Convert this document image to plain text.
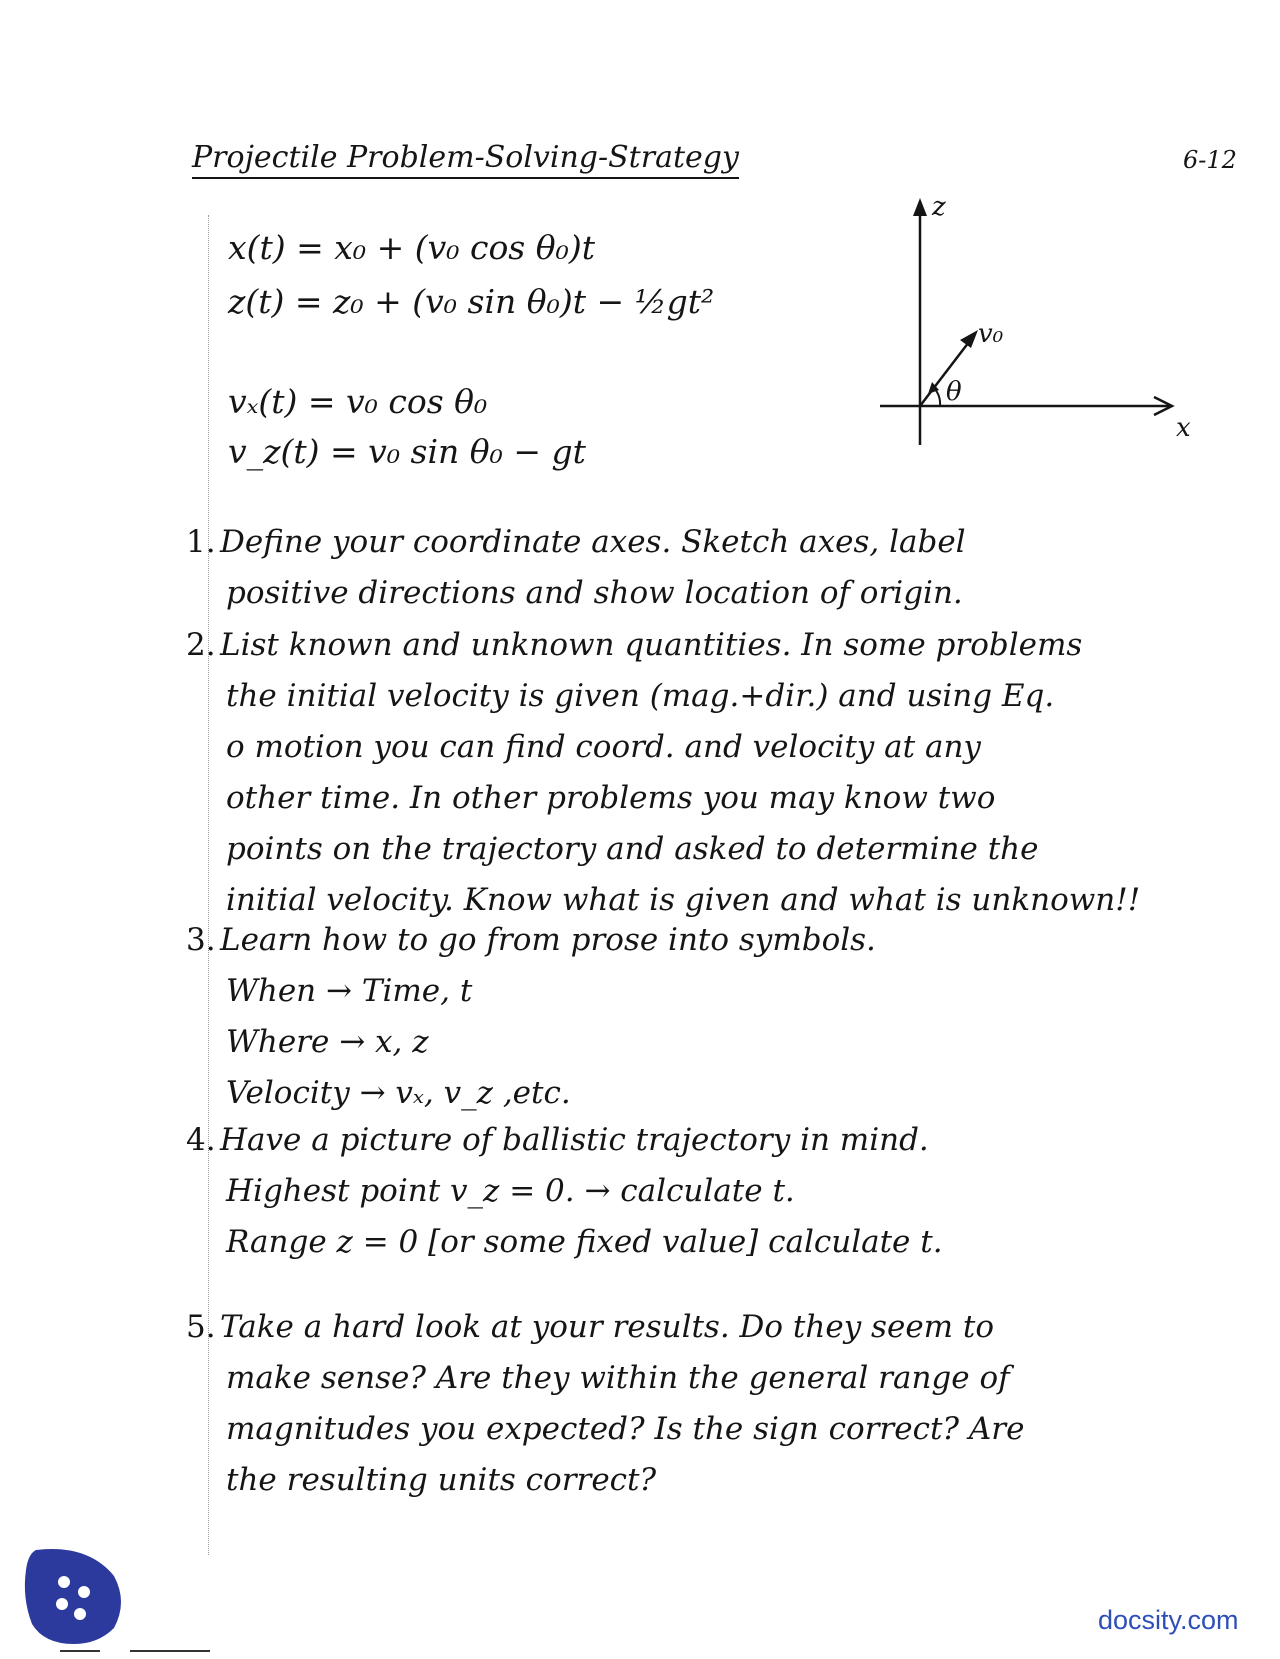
Projectile Problem-Solving-Strategy	6-12
x(t) = x₀ + (v₀ cos θ₀)t
z(t) = z₀ + (v₀ sin θ₀)t − ½gt²
vₓ(t) = v₀ cos θ₀
v_z(t) = v₀ sin θ₀ − gt
z
x
v₀
θ
1. Define your coordinate axes. Sketch axes, label
positive directions and show location of origin.
2. List known and unknown quantities. In some problems
the initial velocity is given (mag.+dir.) and using Eq.
o motion you can find coord. and velocity at any
other time. In other problems you may know two
points on the trajectory and asked to determine the
initial velocity. Know what is given and what is unknown!!
3. Learn how to go from prose into symbols.
When → Time, t
Where → x, z
Velocity → vₓ, v_z ,etc.
4. Have a picture of ballistic trajectory in mind.
Highest point v_z = 0. → calculate t.
Range z = 0 [or some fixed value] calculate t.
5. Take a hard look at your results. Do they seem to
make sense? Are they within the general range of
magnitudes you expected? Is the sign correct? Are
the resulting units correct?
docsity.com
